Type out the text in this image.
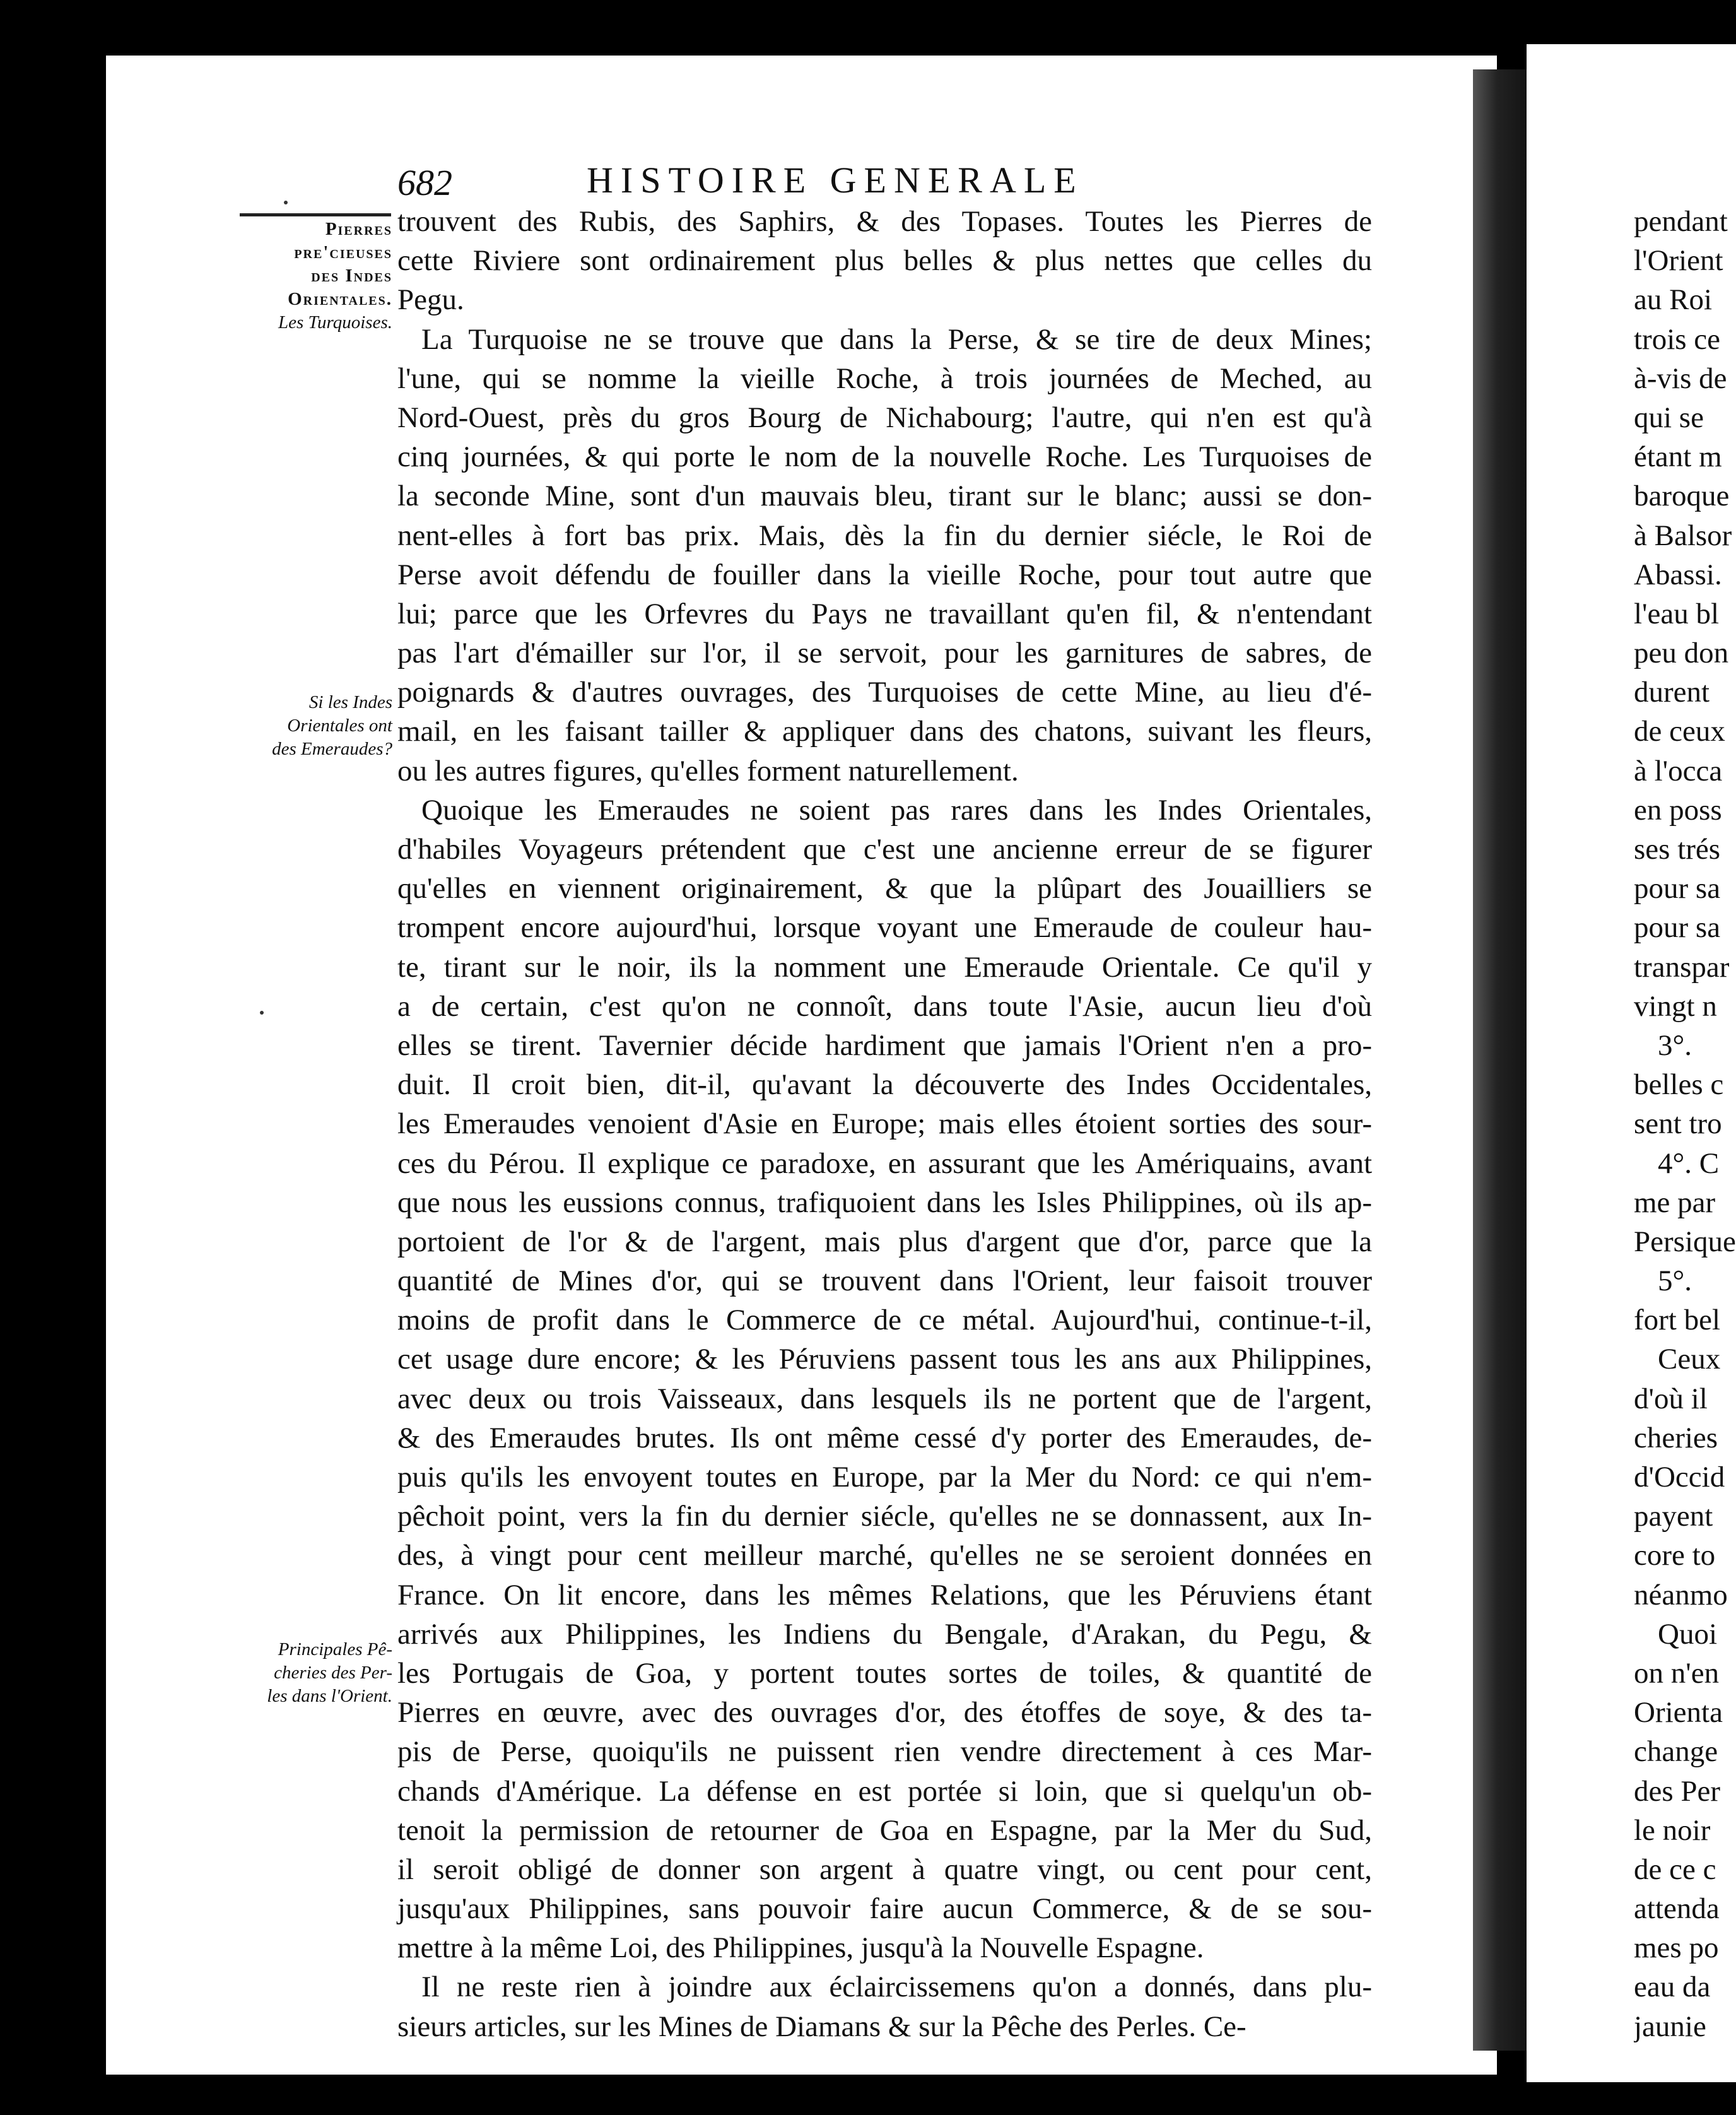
682	HISTOIRE GENERALE
Pierres
pre'cieuses
des Indes
Orientales.
Les Turquoises.
Si les Indes
Orientales ont
des Emeraudes?
Principales Pê-
cheries des Per-
les dans l'Orient.
trouvent des Rubis, des Saphirs, & des Topases. Toutes les Pierres de
cette Riviere sont ordinairement plus belles & plus nettes que celles du
Pegu.
La Turquoise ne se trouve que dans la Perse, & se tire de deux Mines;
l'une, qui se nomme la vieille Roche, à trois journées de Meched, au
Nord-Ouest, près du gros Bourg de Nichabourg; l'autre, qui n'en est qu'à
cinq journées, & qui porte le nom de la nouvelle Roche. Les Turquoises de
la seconde Mine, sont d'un mauvais bleu, tirant sur le blanc; aussi se don-
nent-elles à fort bas prix. Mais, dès la fin du dernier siécle, le Roi de
Perse avoit défendu de fouiller dans la vieille Roche, pour tout autre que
lui; parce que les Orfevres du Pays ne travaillant qu'en fil, & n'entendant
pas l'art d'émailler sur l'or, il se servoit, pour les garnitures de sabres, de
poignards & d'autres ouvrages, des Turquoises de cette Mine, au lieu d'é-
mail, en les faisant tailler & appliquer dans des chatons, suivant les fleurs,
ou les autres figures, qu'elles forment naturellement.
Quoique les Emeraudes ne soient pas rares dans les Indes Orientales,
d'habiles Voyageurs prétendent que c'est une ancienne erreur de se figurer
qu'elles en viennent originairement, & que la plûpart des Jouailliers se
trompent encore aujourd'hui, lorsque voyant une Emeraude de couleur hau-
te, tirant sur le noir, ils la nomment une Emeraude Orientale. Ce qu'il y
a de certain, c'est qu'on ne connoît, dans toute l'Asie, aucun lieu d'où
elles se tirent. Tavernier décide hardiment que jamais l'Orient n'en a pro-
duit. Il croit bien, dit-il, qu'avant la découverte des Indes Occidentales,
les Emeraudes venoient d'Asie en Europe; mais elles étoient sorties des sour-
ces du Pérou. Il explique ce paradoxe, en assurant que les Amériquains, avant
que nous les eussions connus, trafiquoient dans les Isles Philippines, où ils ap-
portoient de l'or & de l'argent, mais plus d'argent que d'or, parce que la
quantité de Mines d'or, qui se trouvent dans l'Orient, leur faisoit trouver
moins de profit dans le Commerce de ce métal. Aujourd'hui, continue-t-il,
cet usage dure encore; & les Péruviens passent tous les ans aux Philippines,
avec deux ou trois Vaisseaux, dans lesquels ils ne portent que de l'argent,
& des Emeraudes brutes. Ils ont même cessé d'y porter des Emeraudes, de-
puis qu'ils les envoyent toutes en Europe, par la Mer du Nord: ce qui n'em-
pêchoit point, vers la fin du dernier siécle, qu'elles ne se donnassent, aux In-
des, à vingt pour cent meilleur marché, qu'elles ne se seroient données en
France. On lit encore, dans les mêmes Relations, que les Péruviens étant
arrivés aux Philippines, les Indiens du Bengale, d'Arakan, du Pegu, &
les Portugais de Goa, y portent toutes sortes de toiles, & quantité de
Pierres en œuvre, avec des ouvrages d'or, des étoffes de soye, & des ta-
pis de Perse, quoiqu'ils ne puissent rien vendre directement à ces Mar-
chands d'Amérique. La défense en est portée si loin, que si quelqu'un ob-
tenoit la permission de retourner de Goa en Espagne, par la Mer du Sud,
il seroit obligé de donner son argent à quatre vingt, ou cent pour cent,
jusqu'aux Philippines, sans pouvoir faire aucun Commerce, & de se sou-
mettre à la même Loi, des Philippines, jusqu'à la Nouvelle Espagne.
Il ne reste rien à joindre aux éclaircissemens qu'on a donnés, dans plu-
sieurs articles, sur les Mines de Diamans & sur la Pêche des Perles. Ce-
pendant
l'Orient
au Roi
trois ce
à-vis de
qui se
étant m
baroque
à Balsor
Abassi.
l'eau bl
peu don
durent
de ceux
à l'occa
en poss
ses trés
pour sa
pour sa
transpar
vingt n
3°.
belles c
sent tro
4°. C
me par
Persique
5°.
fort bel
Ceux
d'où il
cheries
d'Occid
payent
core to
néanmo
Quoi
on n'en
Orienta
change
des Per
le noir
de ce c
attenda
mes po
eau da
jaunie
